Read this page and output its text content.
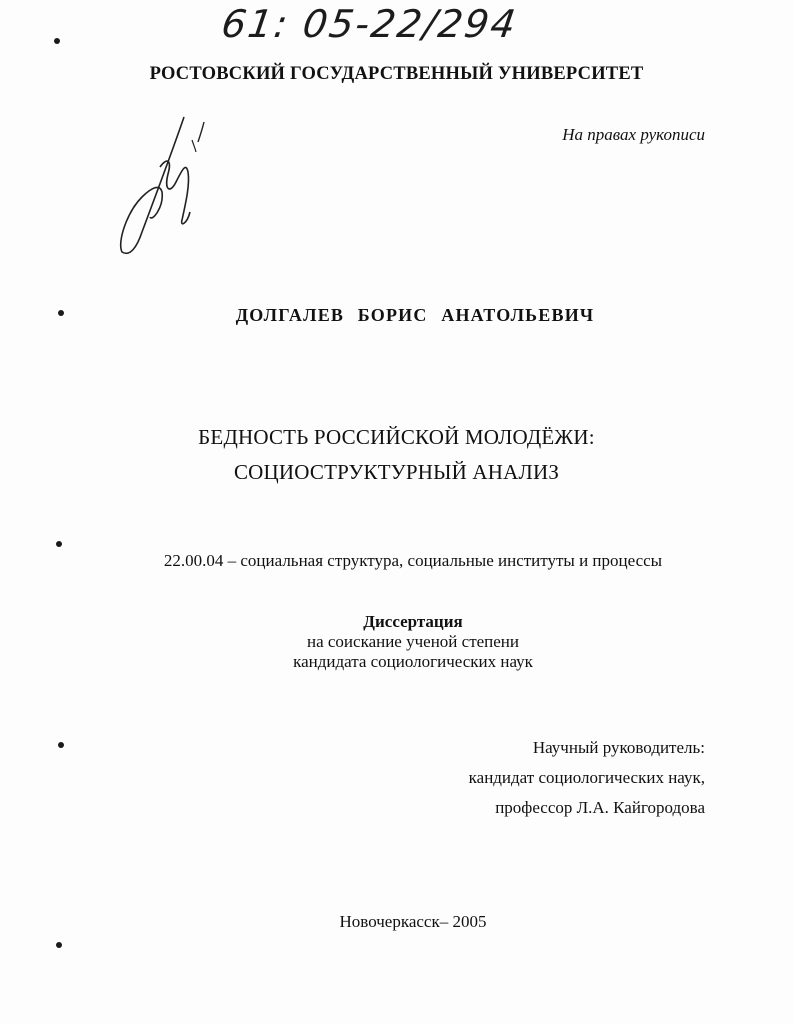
61: 05-22/294
РОСТОВСКИЙ ГОСУДАРСТВЕННЫЙ УНИВЕРСИТЕТ
На правах рукописи
ДОЛГАЛЕВ БОРИС АНАТОЛЬЕВИЧ
БЕДНОСТЬ РОССИЙСКОЙ МОЛОДЁЖИ:
СОЦИОСТРУКТУРНЫЙ АНАЛИЗ
22.00.04 – социальная структура, социальные институты и процессы
Диссертация
на соискание ученой степени
кандидата социологических наук
Научный руководитель:
кандидат социологических наук,
профессор Л.А. Кайгородова
Новочеркасск– 2005
